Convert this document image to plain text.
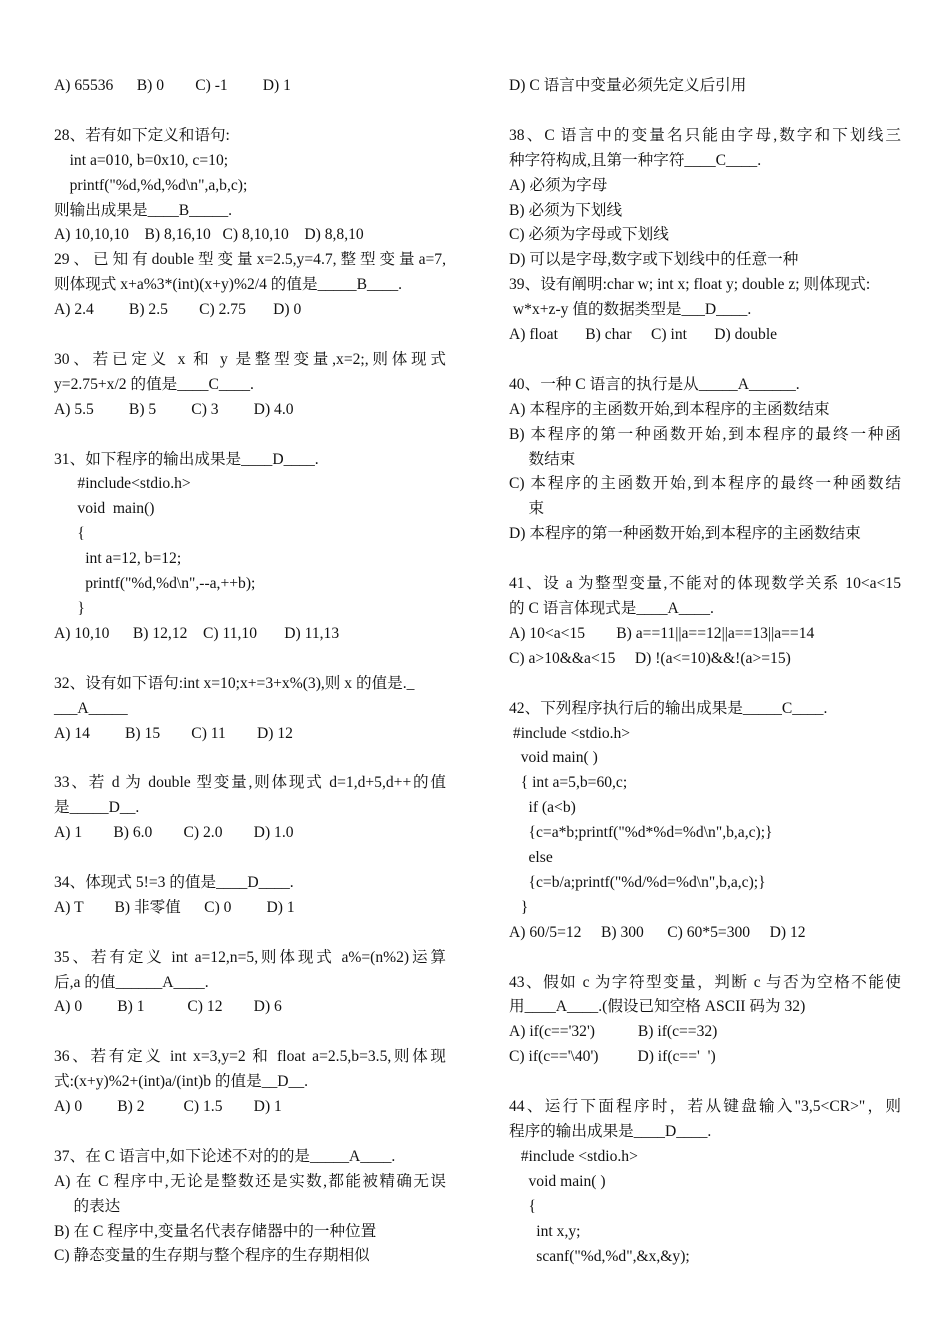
A) 65536      B) 0        C) -1         D) 1
28、若有如下定义和语句:
int a=010, b=0x10, c=10;
printf("%d,%d,%d\n",a,b,c);
则输出成果是____B_____.
A) 10,10,10    B) 8,16,10   C) 8,10,10    D) 8,8,10
29、已知有double型变量x=2.5,y=4.7,整型变量a=7,
则体现式 x+a%3*(int)(x+y)%2/4 的值是_____B____.
A) 2.4         B) 2.5        C) 2.75       D) 0
30、若已定义 x 和 y 是整型变量,x=2;,则体现式
y=2.75+x/2 的值是____C____.
A) 5.5         B) 5         C) 3         D) 4.0
31、如下程序的输出成果是____D____.
#include<stdio.h>
void  main()
{
int a=12, b=12;
printf("%d,%d\n",--a,++b);
}
A) 10,10      B) 12,12    C) 11,10       D) 11,13
32、设有如下语句:int x=10;x+=3+x%(3),则 x 的值是._
___A_____
A) 14         B) 15        C) 11        D) 12
33、若 d 为 double 型变量,则体现式 d=1,d+5,d++的值
是_____D__.
A) 1        B) 6.0        C) 2.0        D) 1.0
34、体现式 5!=3 的值是____D____.
A) T        B) 非零值      C) 0         D) 1
35、若有定义 int a=12,n=5,则体现式 a%=(n%2)运算
后,a 的值______A____.
A) 0         B) 1           C) 12        D) 6
36、若有定义 int x=3,y=2 和 float a=2.5,b=3.5,则体现
式:(x+y)%2+(int)a/(int)b 的值是__D__.
A) 0         B) 2          C) 1.5        D) 1
37、在 C 语言中,如下论述不对的的是_____A____.
A) 在 C 程序中,无论是整数还是实数,都能被精确无误
的表达
B) 在 C 程序中,变量名代表存储器中的一种位置
C) 静态变量的生存期与整个程序的生存期相似
D) C 语言中变量必须先定义后引用
38、C 语言中的变量名只能由字母,数字和下划线三
种字符构成,且第一种字符____C____.
A) 必须为字母
B) 必须为下划线
C) 必须为字母或下划线
D) 可以是字母,数字或下划线中的任意一种
39、设有阐明:char w; int x; float y; double z; 则体现式:
w*x+z-y 值的数据类型是___D____.
A) float       B) char     C) int       D) double
40、一种 C 语言的执行是从_____A______.
A) 本程序的主函数开始,到本程序的主函数结束
B) 本程序的第一种函数开始,到本程序的最终一种函
数结束
C) 本程序的主函数开始,到本程序的最终一种函数结
束
D) 本程序的第一种函数开始,到本程序的主函数结束
41、设 a 为整型变量,不能对的体现数学关系 10<a<15
的 C 语言体现式是____A____.
A) 10<a<15        B) a==11||a==12||a==13||a==14
C) a>10&&a<15     D) !(a<=10)&&!(a>=15)
42、下列程序执行后的输出成果是_____C____.
#include <stdio.h>
void main( )
{ int a=5,b=60,c;
if (a<b)
{c=a*b;printf("%d*%d=%d\n",b,a,c);}
else
{c=b/a;printf("%d/%d=%d\n",b,a,c);}
}
A) 60/5=12     B) 300      C) 60*5=300     D) 12
43、假如 c 为字符型变量，判断 c 与否为空格不能使
用____A____.(假设已知空格 ASCII 码为 32)
A) if(c=='32')           B) if(c==32)
C) if(c=='\40')          D) if(c=='  ')
44、运行下面程序时，若从键盘输入"3,5<CR>"，则
程序的输出成果是____D____.
#include <stdio.h>
void main( )
{
int x,y;
scanf("%d,%d",&x,&y);
